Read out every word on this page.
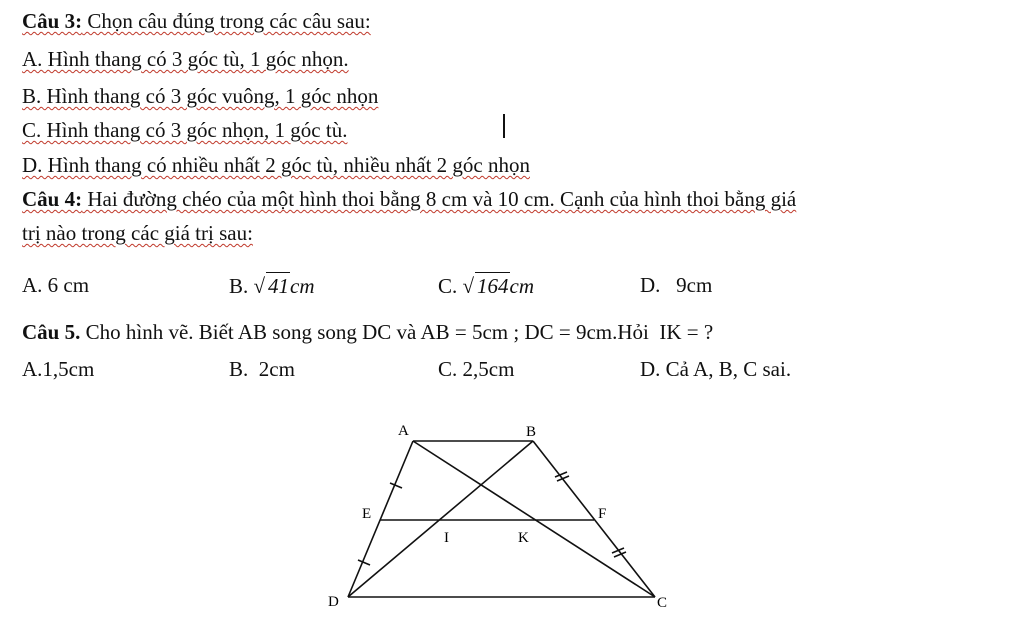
Câu 3: Chọn câu đúng trong các câu sau:
A. Hình thang có 3 góc tù, 1 góc nhọn.
B. Hình thang có 3 góc vuông, 1 góc nhọn
C. Hình thang có 3 góc nhọn, 1 góc tù.
D. Hình thang có nhiều nhất 2 góc tù, nhiều nhất 2 góc nhọn
Câu 4: Hai đường chéo của một hình thoi bằng 8 cm và 10 cm. Cạnh của hình thoi bằng giá
trị nào trong các giá trị sau:
A. 6 cm	B. √ 41cm	C. √ 164cm	D.   9cm
Câu 5. Cho hình vẽ. Biết AB song song DC và AB = 5cm ; DC = 9cm.Hỏi  IK = ?
A.1,5cm	B.  2cm	C. 2,5cm	D. Cả A, B, C sai.
A	B
E	F
I	K
D	C
